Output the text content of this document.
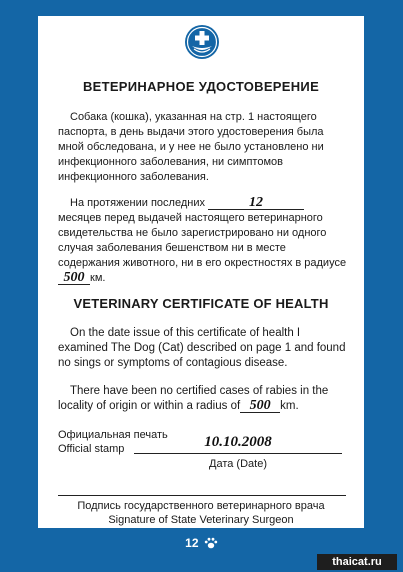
ВЕТЕРИНАРНОЕ УДОСТОВЕРЕНИЕ
Собака (кошка), указанная на стр. 1 настоящего паспорта, в день выдачи этого удостоверения была мной обследована, и у нее не было установлено ни инфекционного заболевания, ни симптомов инфекционного заболевания.
На протяжении последних	12 месяцев перед выдачей настоящего ветеринарного свидетельства не было зарегистрировано ни одного случая заболевания бешенством ни в месте содержания животного, ни в его окрестностях в радиусе
500 км.
VETERINARY CERTIFICATE OF HEALTH
On the date issue of this certificate of health I examined The Dog (Cat) described on page 1 and found no sings or symptoms of contagious disease.
There have been no certified cases of rabies in the locality of origin or within a radius of 500 km.
Официальная печать
Official stamp	10.10.2008
Дата (Date)
Подпись государственного ветеринарного врача
Signature of State Veterinary Surgeon
12
thaicat.ru
